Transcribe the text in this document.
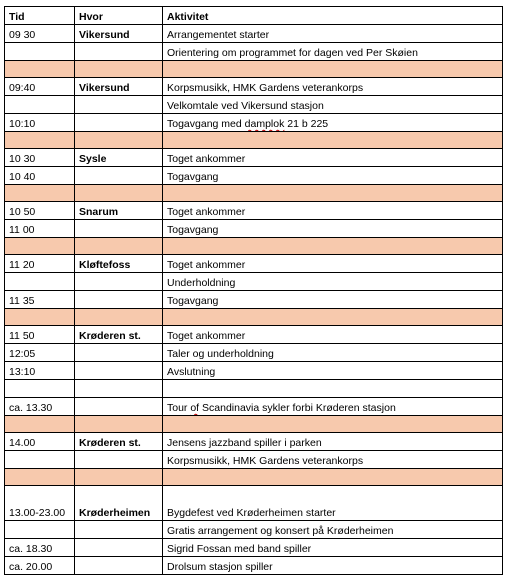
Tid	Hvor	Aktivitet
09 30	Vikersund	Arrangementet starter
		Orientering om programmet for dagen ved Per Skøien

09:40	Vikersund	Korpsmusikk, HMK Gardens veterankorps
		Velkomtale ved Vikersund stasjon
10:10		Togavgang med damplok 21 b 225

10 30	Sysle	Toget ankommer
10 40		Togavgang

10 50	Snarum	Toget ankommer
11 00		Togavgang

11 20	Kløftefoss	Toget ankommer
		Underholdning
11 35		Togavgang

11 50	Krøderen st.	Toget ankommer
12:05		Taler og underholdning
13:10		Avslutning

ca. 13.30		Tour of Scandinavia sykler forbi Krøderen stasjon

14.00	Krøderen st.	Jensens jazzband spiller i parken
		Korpsmusikk, HMK Gardens veterankorps

13.00-23.00	Krøderheimen	Bygdefest ved Krøderheimen starter
		Gratis arrangement og konsert på Krøderheimen
ca. 18.30		Sigrid Fossan med band spiller
ca. 20.00		Drolsum stasjon spiller
